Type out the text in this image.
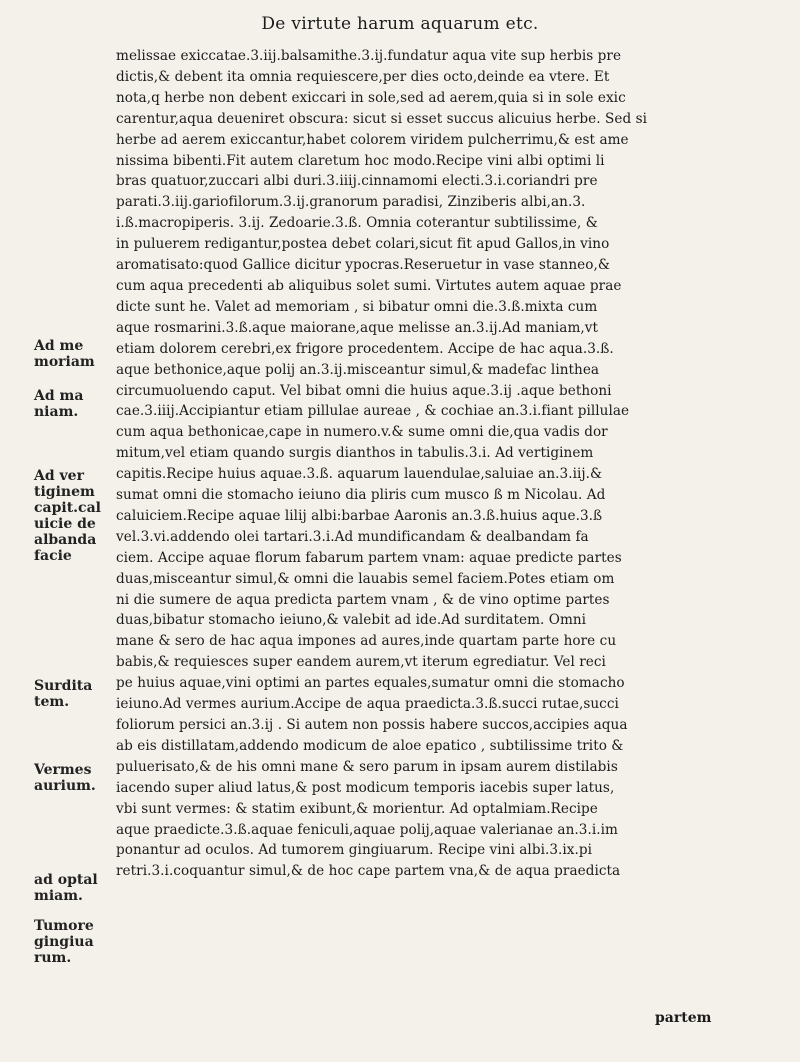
De virtute harum aquarum etc.
melissae exiccatae.3.iij.balsamithe.3.ij.fundatur aqua vite sup herbis pre
dictis,& debent ita omnia requiescere,per dies octo,deinde ea vtere. Et
nota,q herbe non debent exiccari in sole,sed ad aerem,quia si in sole exic
carentur,aqua deueniret obscura: sicut si esset succus alicuius herbe. Sed si
herbe ad aerem exiccantur,habet colorem viridem pulcherrimu,& est ame
nissima bibenti.Fit autem claretum hoc modo.Recipe vini albi optimi li
bras quatuor,zuccari albi duri.3.iiij.cinnamomi electi.3.i.coriandri pre
parati.3.iij.gariofilorum.3.ij.granorum paradisi, Zinziberis albi,an.3.
i.ß.macropiperis. 3.ij. Zedoarie.3.ß. Omnia coterantur subtilissime, &
in puluerem redigantur,postea debet colari,sicut fit apud Gallos,in vino
aromatisato:quod Gallice dicitur ypocras.Reseruetur in vase stanneo,&
cum aqua precedenti ab aliquibus solet sumi. Virtutes autem aquae prae
dicte sunt he. Valet ad memoriam , si bibatur omni die.3.ß.mixta cum
aque rosmarini.3.ß.aque maiorane,aque melisse an.3.ij.Ad maniam,vt
etiam dolorem cerebri,ex frigore procedentem. Accipe de hac aqua.3.ß.
aque bethonice,aque polij an.3.ij.misceantur simul,& madefac linthea
circumuoluendo caput. Vel bibat omni die huius aque.3.ij .aque bethoni
cae.3.iiij.Accipiantur etiam pillulae aureae , & cochiae an.3.i.fiant pillulae
cum aqua bethonicae,cape in numero.v.& sume omni die,qua vadis dor
mitum,vel etiam quando surgis dianthos in tabulis.3.i. Ad vertiginem
capitis.Recipe huius aquae.3.ß. aquarum lauendulae,saluiae an.3.iij.&
sumat omni die stomacho ieiuno dia pliris cum musco ß m Nicolau. Ad
caluiciem.Recipe aquae lilij albi:barbae Aaronis an.3.ß.huius aque.3.ß
vel.3.vi.addendo olei tartari.3.i.Ad mundificandam & dealbandam fa
ciem. Accipe aquae florum fabarum partem vnam: aquae predicte partes
duas,misceantur simul,& omni die lauabis semel faciem.Potes etiam om
ni die sumere de aqua predicta partem vnam , & de vino optime partes
duas,bibatur stomacho ieiuno,& valebit ad ide.Ad surditatem. Omni
mane & sero de hac aqua impones ad aures,inde quartam parte hore cu
babis,& requiesces super eandem aurem,vt iterum egrediatur. Vel reci
pe huius aquae,vini optimi an partes equales,sumatur omni die stomacho
ieiuno.Ad vermes aurium.Accipe de aqua praedicta.3.ß.succi rutae,succi
foliorum persici an.3.ij . Si autem non possis habere succos,accipies aqua
ab eis distillatam,addendo modicum de aloe epatico , subtilissime trito &
puluerisato,& de his omni mane & sero parum in ipsam aurem distilabis
iacendo super aliud latus,& post modicum temporis iacebis super latus,
vbi sunt vermes: & statim exibunt,& morientur. Ad optalmiam.Recipe
aque praedicte.3.ß.aquae feniculi,aquae polij,aquae valerianae an.3.i.im
ponantur ad oculos. Ad tumorem gingiuarum. Recipe vini albi.3.ix.pi
retri.3.i.coquantur simul,& de hoc cape partem vna,& de aqua praedicta
Ad me moriam
Ad ma niam.
Ad ver tiginem capit.cal uicie de albanda facie
Surdita tem.
Vermes aurium.
ad optal miam.
Tumore gingiua rum.
partem
